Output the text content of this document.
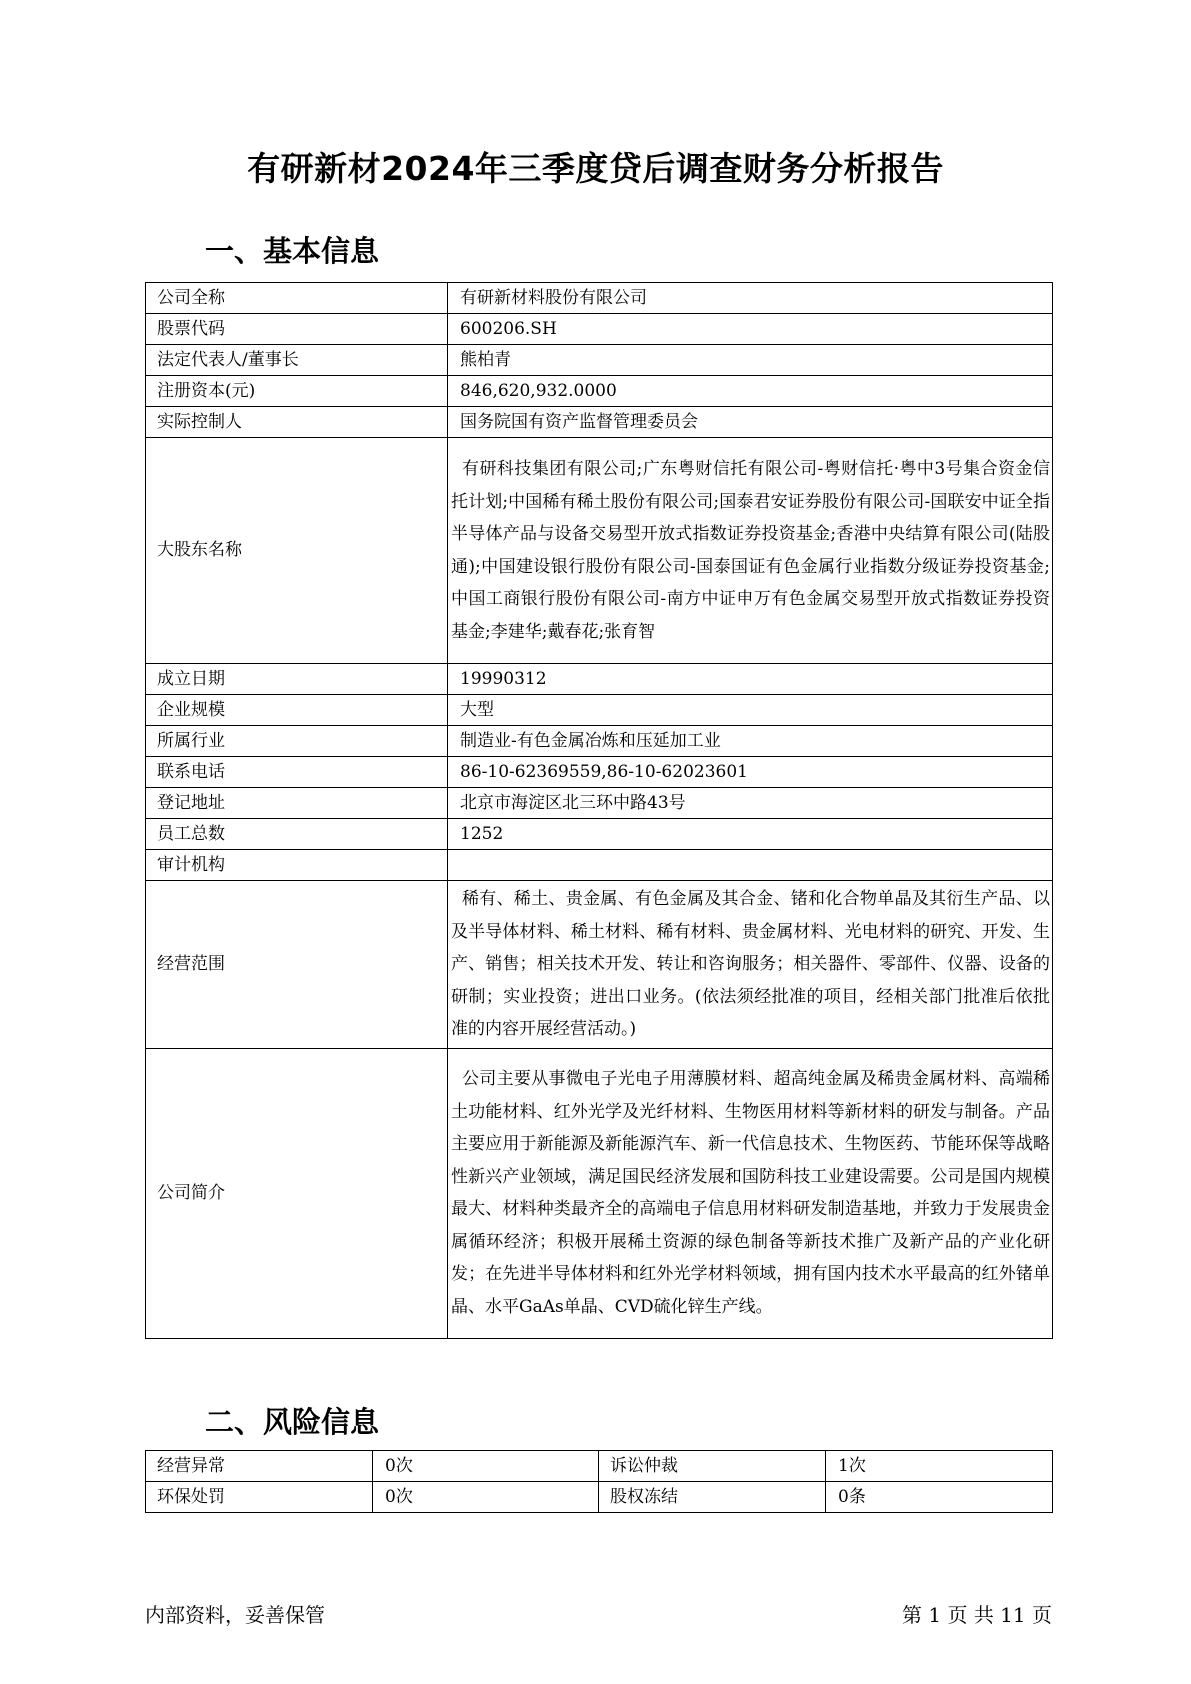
有研新材2024年三季度贷后调查财务分析报告
一、基本信息
公司全称	有研新材料股份有限公司
股票代码	600206.SH
法定代表人/董事长	熊柏青
注册资本(元)	846,620,932.0000
实际控制人	国务院国有资产监督管理委员会
大股东名称	有研科技集团有限公司;广东粤财信托有限公司-粤财信托·粤中3号集合资金信托计划;中国稀有稀土股份有限公司;国泰君安证券股份有限公司-国联安中证全指半导体产品与设备交易型开放式指数证券投资基金;香港中央结算有限公司(陆股通);中国建设银行股份有限公司-国泰国证有色金属行业指数分级证券投资基金;中国工商银行股份有限公司-南方中证申万有色金属交易型开放式指数证券投资基金;李建华;戴春花;张育智
成立日期	19990312
企业规模	大型
所属行业	制造业-有色金属冶炼和压延加工业
联系电话	86-10-62369559,86-10-62023601
登记地址	北京市海淀区北三环中路43号
员工总数	1252
审计机构	
经营范围	稀有、稀土、贵金属、有色金属及其合金、锗和化合物单晶及其衍生产品、以及半导体材料、稀土材料、稀有材料、贵金属材料、光电材料的研究、开发、生产、销售；相关技术开发、转让和咨询服务；相关器件、零部件、仪器、设备的研制；实业投资；进出口业务。(依法须经批准的项目，经相关部门批准后依批准的内容开展经营活动。)
公司简介	公司主要从事微电子光电子用薄膜材料、超高纯金属及稀贵金属材料、高端稀土功能材料、红外光学及光纤材料、生物医用材料等新材料的研发与制备。产品主要应用于新能源及新能源汽车、新一代信息技术、生物医药、节能环保等战略性新兴产业领域，满足国民经济发展和国防科技工业建设需要。公司是国内规模最大、材料种类最齐全的高端电子信息用材料研发制造基地，并致力于发展贵金属循环经济；积极开展稀土资源的绿色制备等新技术推广及新产品的产业化研发；在先进半导体材料和红外光学材料领域，拥有国内技术水平最高的红外锗单晶、水平GaAs单晶、CVD硫化锌生产线。
二、风险信息
经营异常	0次	诉讼仲裁	1次
环保处罚	0次	股权冻结	0条
内部资料，妥善保管	第 1 页 共 11 页
